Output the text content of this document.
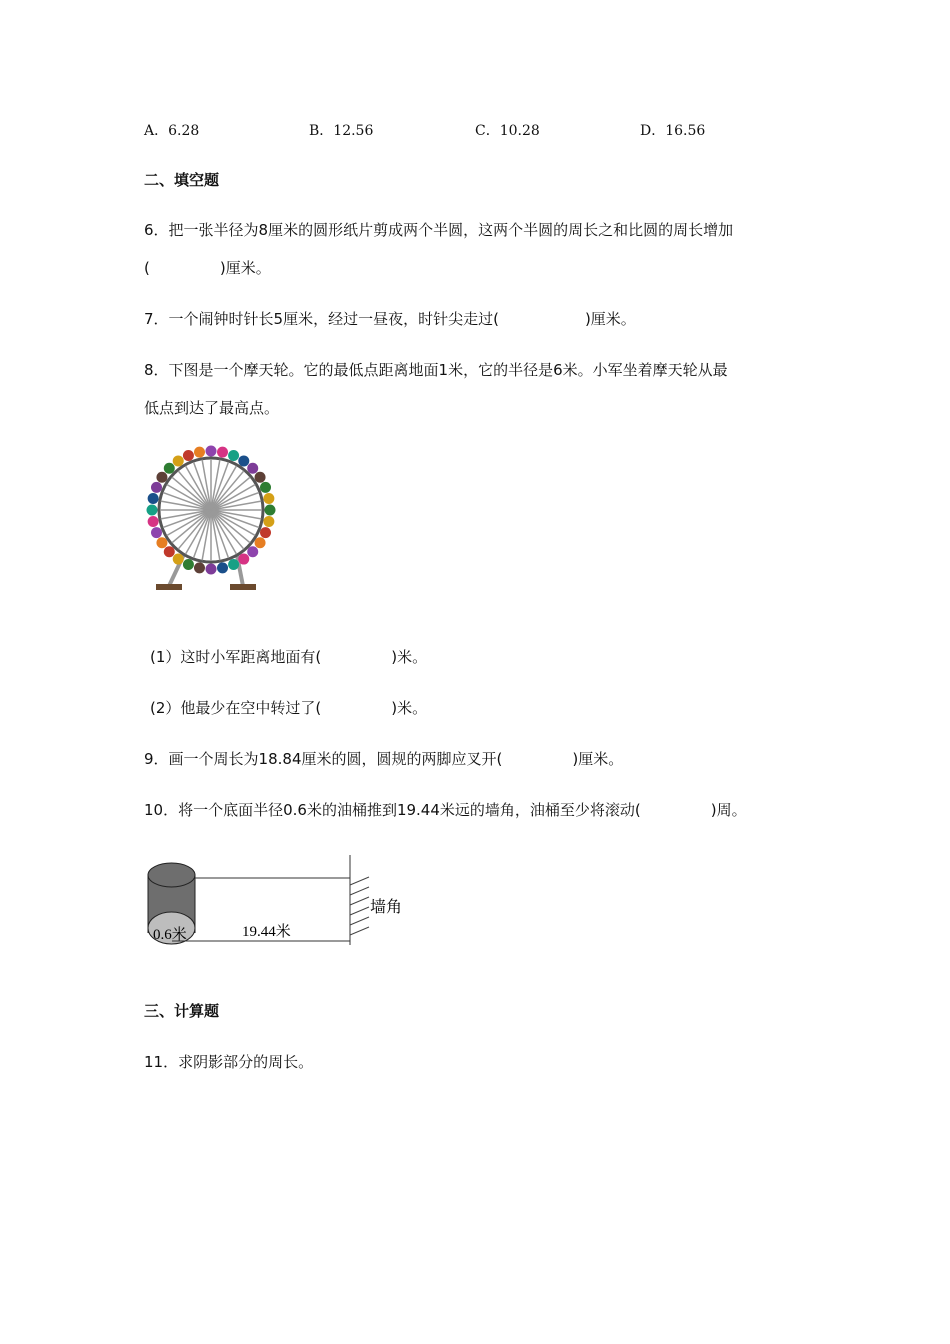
A．6.28	B．12.56	C．10.28	D．16.56
二、填空题
6．把一张半径为8厘米的圆形纸片剪成两个半圆，这两个半圆的周长之和比圆的周长增加
(	)厘米。
7．一个闹钟时针长5厘米，经过一昼夜，时针尖走过(	)厘米。
8．下图是一个摩天轮。它的最低点距离地面1米，它的半径是6米。小军坐着摩天轮从最
低点到达了最高点。
(1）这时小军距离地面有(	)米。
(2）他最少在空中转过了(	)米。
9．画一个周长为18.84厘米的圆，圆规的两脚应叉开(	)厘米。
10．将一个底面半径0.6米的油桶推到19.44米远的墙角，油桶至少将滚动(	)周。
0.6米	19.44米
墙角
三、计算题
11．求阴影部分的周长。
